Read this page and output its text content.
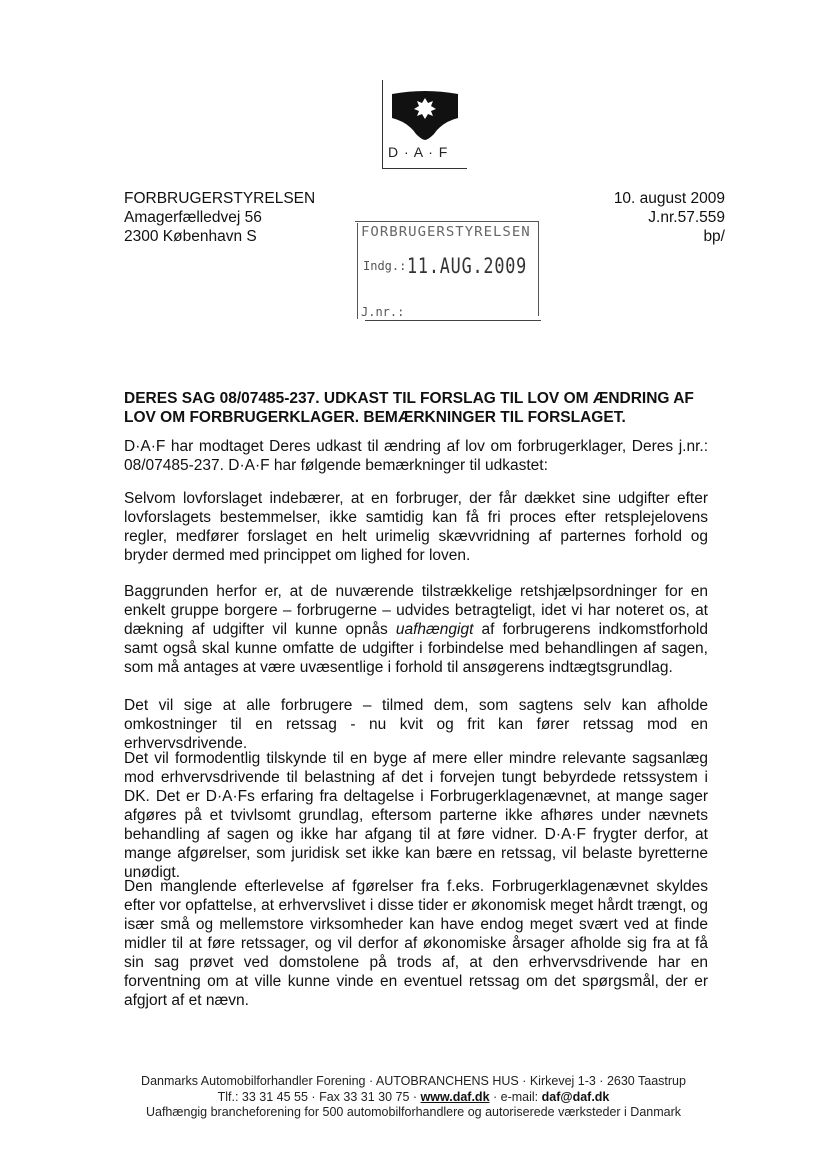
D · A · F
FORBRUGERSTYRELSEN
Amagerfælledvej 56
2300 København S
10. august 2009
J.nr.57.559
bp/
FORBRUGERSTYRELSEN
Indg.: 11.AUG.2009
J.nr.:
DERES SAG 08/07485-237. UDKAST TIL FORSLAG TIL LOV OM ÆNDRING AF LOV OM FORBRUGERKLAGER. BEMÆRKNINGER TIL FORSLAGET.

D·A·F har modtaget Deres udkast til ændring af lov om forbrugerklager, Deres j.nr.: 08/07485-237. D·A·F har følgende bemærkninger til udkastet:

Selvom lovforslaget indebærer, at en forbruger, der får dækket sine udgifter efter lovforslagets bestemmelser, ikke samtidig kan få fri proces efter retsplejelovens regler, medfører forslaget en helt urimelig skævvridning af parternes forhold og bryder dermed med princippet om lighed for loven.

Baggrunden herfor er, at de nuværende tilstrækkelige retshjælpsordninger for en enkelt gruppe borgere – forbrugerne – udvides betragteligt, idet vi har noteret os, at dækning af udgifter vil kunne opnås uafhængigt af forbrugerens indkomstforhold samt også skal kunne omfatte de udgifter i forbindelse med behandlingen af sagen, som må antages at være uvæsentlige i forhold til ansøgerens indtægtsgrundlag.

Det vil sige at alle forbrugere – tilmed dem, som sagtens selv kan afholde omkostninger til en retssag - nu kvit og frit kan fører retssag mod en erhvervsdrivende.

Det vil formodentlig tilskynde til en byge af mere eller mindre relevante sagsanlæg mod erhvervsdrivende til belastning af det i forvejen tungt bebyrdede retssystem i DK. Det er D·A·Fs erfaring fra deltagelse i Forbrugerklagenævnet, at mange sager afgøres på et tvivlsomt grundlag, eftersom parterne ikke afhøres under nævnets behandling af sagen og ikke har afgang til at føre vidner. D·A·F frygter derfor, at mange afgørelser, som juridisk set ikke kan bære en retssag, vil belaste byretterne unødigt.

Den manglende efterlevelse af fgørelser fra f.eks. Forbrugerklagenævnet skyldes efter vor opfattelse, at erhvervslivet i disse tider er økonomisk meget hårdt trængt, og især små og mellemstore virksomheder kan have endog meget svært ved at finde midler til at føre retssager, og vil derfor af økonomiske årsager afholde sig fra at få sin sag prøvet ved domstolene på trods af, at den erhvervsdrivende har en forventning om at ville kunne vinde en eventuel retssag om det spørgsmål, der er afgjort af et nævn.

Danmarks Automobilforhandler Forening · AUTOBRANCHENS HUS · Kirkevej 1-3 · 2630 Taastrup
Tlf.: 33 31 45 55 · Fax 33 31 30 75 · www.daf.dk · e-mail: daf@daf.dk
Uafhængig brancheforening for 500 automobilforhandlere og autoriserede værksteder i Danmark
